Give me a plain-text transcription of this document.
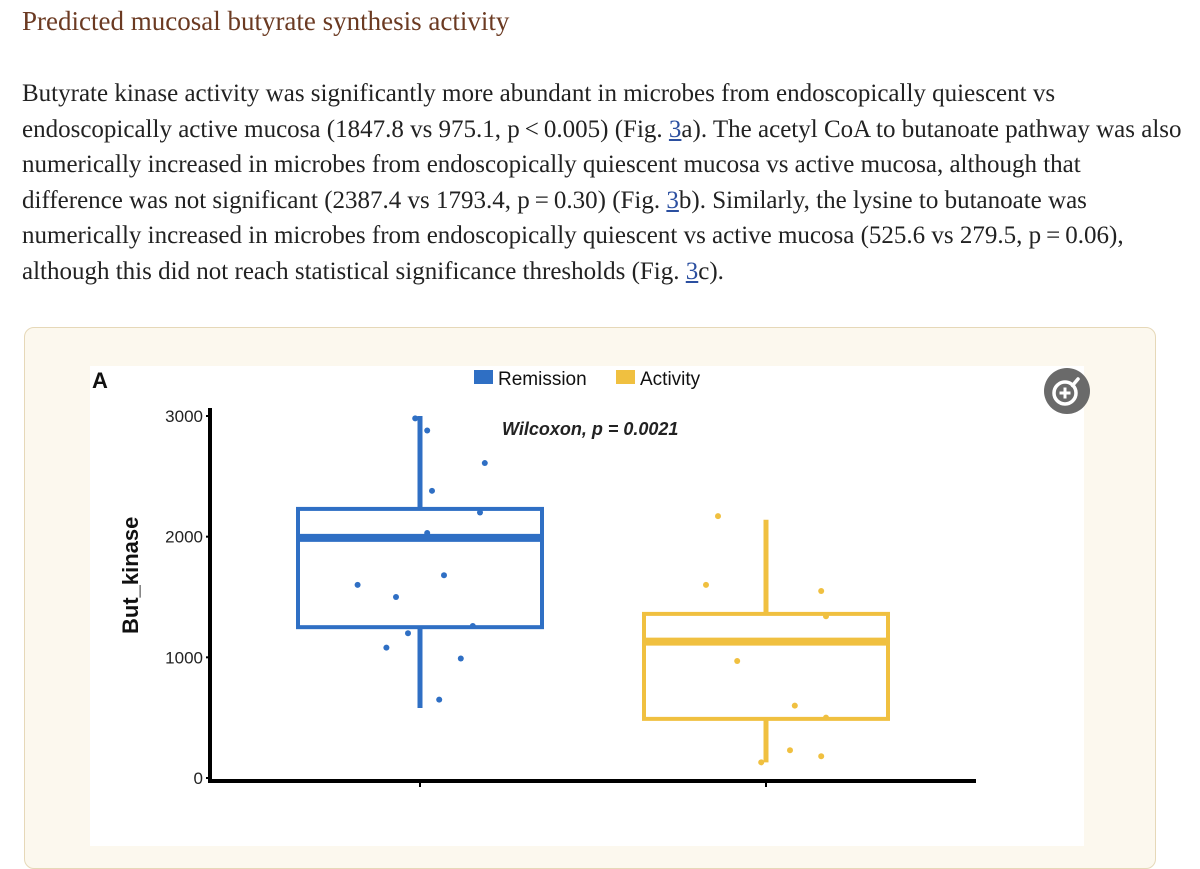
Predicted mucosal butyrate synthesis activity

Butyrate kinase activity was significantly more abundant in microbes from endoscopically quiescent vs endoscopically active mucosa (1847.8 vs 975.1, p < 0.005) (Fig. 3a). The acetyl CoA to butanoate pathway was also numerically increased in microbes from endoscopically quiescent mucosa vs active mucosa, although that difference was not significant (2387.4 vs 1793.4, p = 0.30) (Fig. 3b). Similarly, the lysine to butanoate was numerically increased in microbes from endoscopically quiescent vs active mucosa (525.6 vs 279.5, p = 0.06), although this did not reach statistical significance thresholds (Fig. 3c).

A	Remission	Activity
Wilcoxon, p = 0.0021
But_kinase
0
1000
2000
3000
